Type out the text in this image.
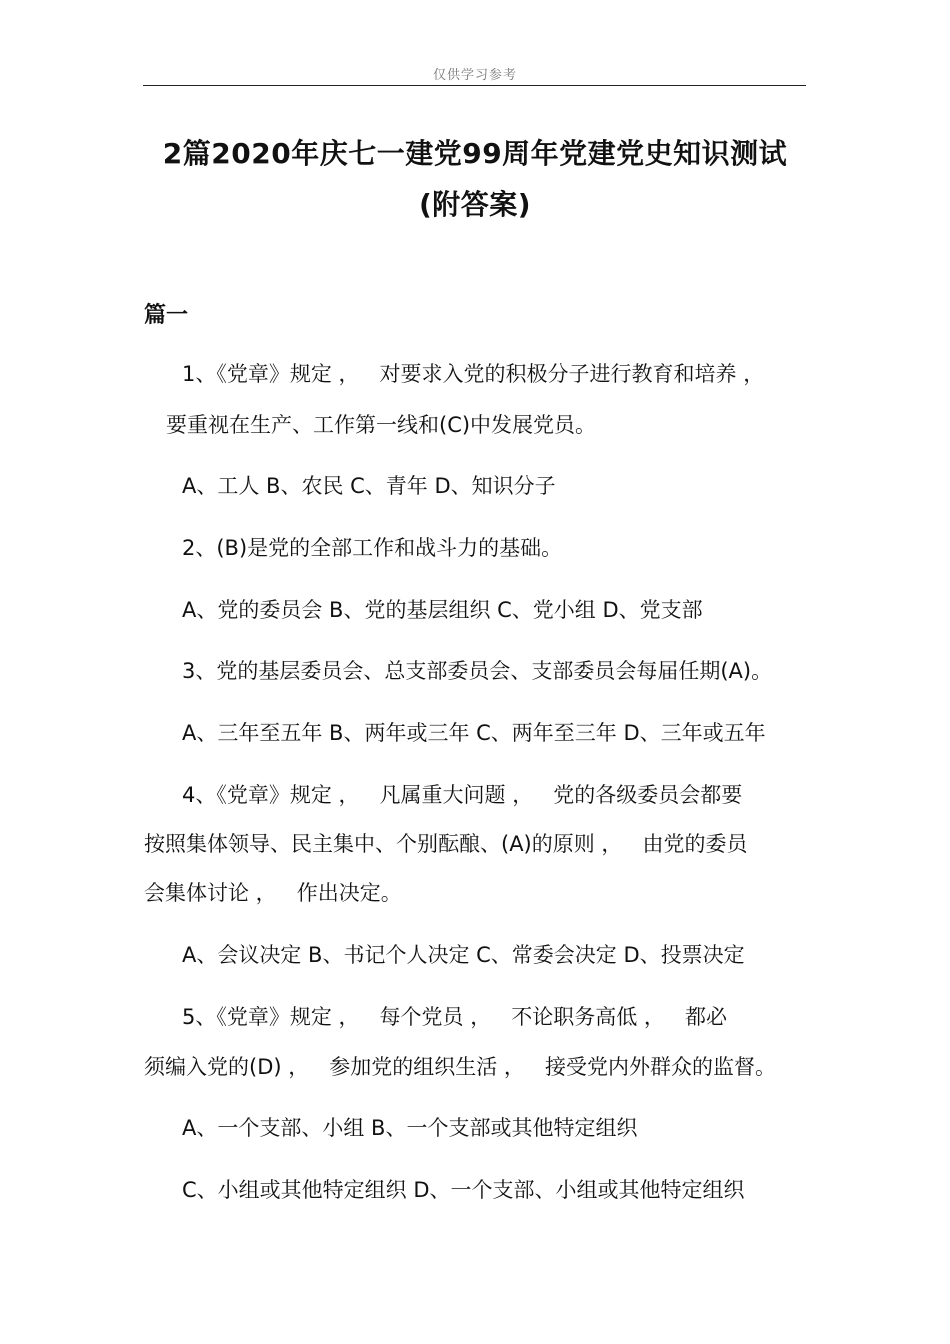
仅供学习参考
2篇2020年庆七一建党99周年党建党史知识测试
(附答案)
篇一
1、《党章》规定 ，   对要求入党的积极分子进行教育和培养 ，
要重视在生产、工作第一线和(C)中发展党员。
A、工人 B、农民 C、青年 D、知识分子
2、(B)是党的全部工作和战斗力的基础。
A、党的委员会 B、党的基层组织 C、党小组 D、党支部
3、党的基层委员会、总支部委员会、支部委员会每届任期(A)。
A、三年至五年 B、两年或三年 C、两年至三年 D、三年或五年
4、《党章》规定 ，   凡属重大问题 ，   党的各级委员会都要
按照集体领导、民主集中、个别酝酿、(A)的原则 ，   由党的委员
会集体讨论 ，   作出决定。
A、会议决定 B、书记个人决定 C、常委会决定 D、投票决定
5、《党章》规定 ，   每个党员 ，   不论职务高低 ，   都必
须编入党的(D) ，   参加党的组织生活 ，   接受党内外群众的监督。
A、一个支部、小组 B、一个支部或其他特定组织
C、小组或其他特定组织 D、一个支部、小组或其他特定组织
